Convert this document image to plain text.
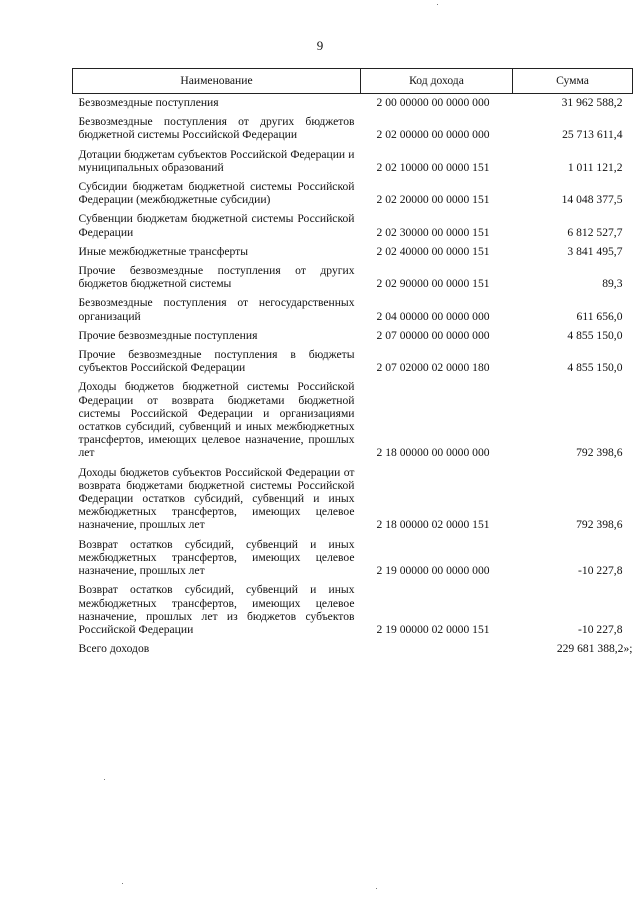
9
Наименование	Код дохода	Сумма
Безвозмездные поступления	2 00 00000 00 0000 000	31 962 588,2
Безвозмездные поступления от других бюджетов бюджетной системы Российской Федерации	2 02 00000 00 0000 000	25 713 611,4
Дотации бюджетам субъектов Российской Федерации и муниципальных образований	2 02 10000 00 0000 151	1 011 121,2
Субсидии бюджетам бюджетной системы Российской Федерации (межбюджетные субсидии)	2 02 20000 00 0000 151	14 048 377,5
Субвенции бюджетам бюджетной системы Российской Федерации	2 02 30000 00 0000 151	6 812 527,7
Иные межбюджетные трансферты	2 02 40000 00 0000 151	3 841 495,7
Прочие безвозмездные поступления от других бюджетов бюджетной системы	2 02 90000 00 0000 151	89,3
Безвозмездные поступления от негосударственных организаций	2 04 00000 00 0000 000	611 656,0
Прочие безвозмездные поступления	2 07 00000 00 0000 000	4 855 150,0
Прочие безвозмездные поступления в бюджеты субъектов Российской Федерации	2 07 02000 02 0000 180	4 855 150,0
Доходы бюджетов бюджетной системы Российской Федерации от возврата бюджетами бюджетной системы Российской Федерации и организациями остатков субсидий, субвенций и иных межбюджетных трансфертов, имеющих целевое назначение, прошлых лет	2 18 00000 00 0000 000	792 398,6
Доходы бюджетов субъектов Российской Федерации от возврата бюджетами бюджетной системы Российской Федерации остатков субсидий, субвенций и иных межбюджетных трансфертов, имеющих целевое назначение, прошлых лет	2 18 00000 02 0000 151	792 398,6
Возврат остатков субсидий, субвенций и иных межбюджетных трансфертов, имеющих целевое назначение, прошлых лет	2 19 00000 00 0000 000	-10 227,8
Возврат остатков субсидий, субвенций и иных межбюджетных трансфертов, имеющих целевое назначение, прошлых лет из бюджетов субъектов Российской Федерации	2 19 00000 02 0000 151	-10 227,8
Всего доходов		229 681 388,2»;
